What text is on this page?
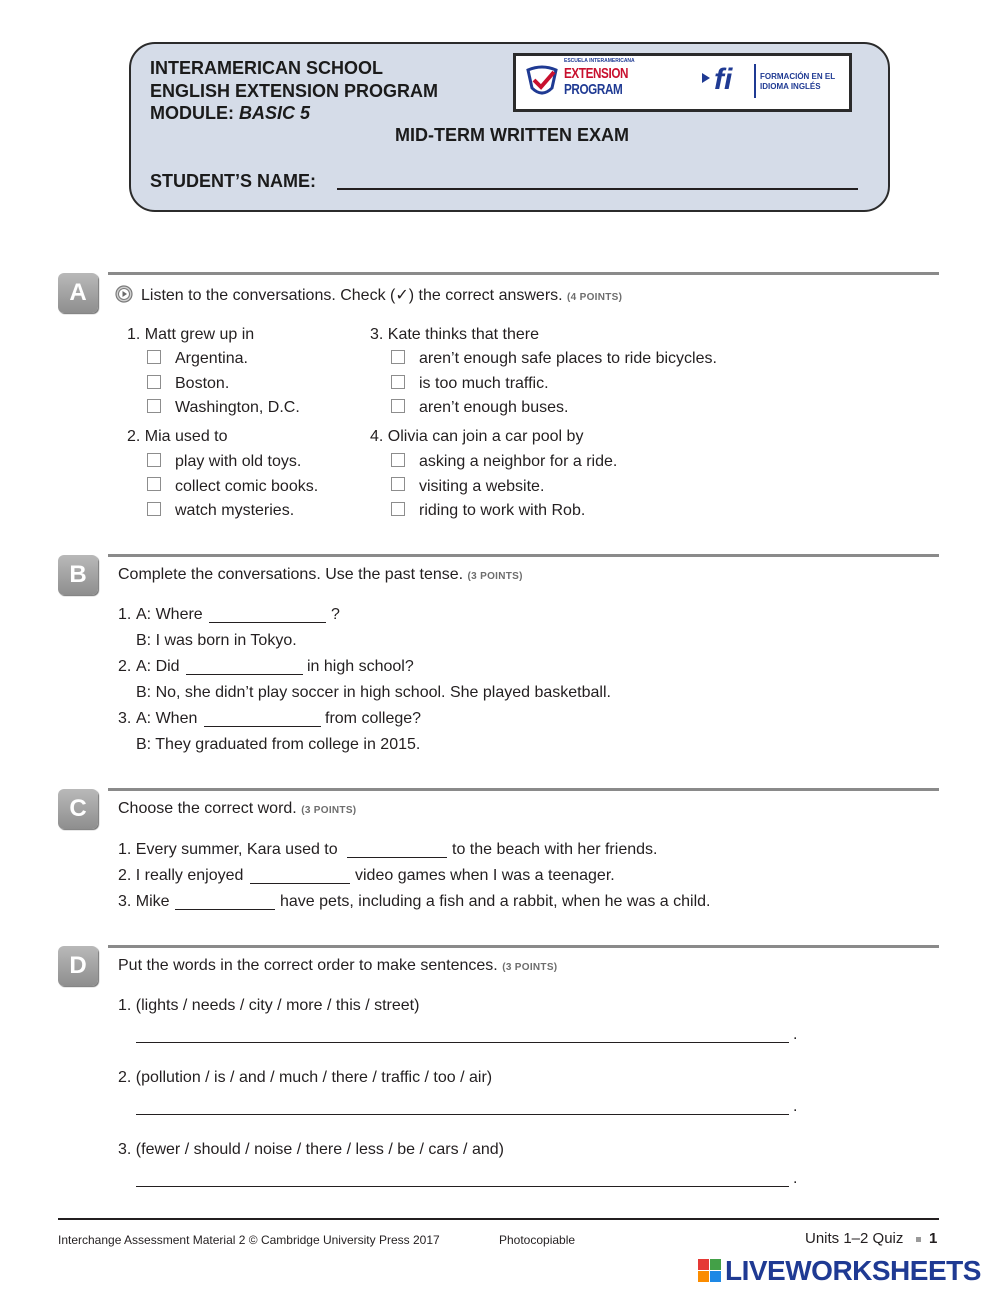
INTERAMERICAN SCHOOL
ENGLISH EXTENSION PROGRAM
MODULE: BASIC 5
MID-TERM WRITTEN EXAM
STUDENT’S NAME:
ESCUELA INTERAMERICANA
EXTENSION
PROGRAM	fi	FORMACIÓN EN EL
IDIOMA INGLÉS
A	Listen to the conversations. Check (✓) the correct answers. (4 POINTS)
1. Matt grew up in
Argentina.
Boston.
Washington, D.C.
3. Kate thinks that there
aren’t enough safe places to ride bicycles.
is too much traffic.
aren’t enough buses.
2. Mia used to
play with old toys.
collect comic books.
watch mysteries.
4. Olivia can join a car pool by
asking a neighbor for a ride.
visiting a website.
riding to work with Rob.
B	Complete the conversations. Use the past tense. (3 POINTS)
1. A: Where	?
B: I was born in Tokyo.
2. A: Did	in high school?
B: No, she didn’t play soccer in high school. She played basketball.
3. A: When	from college?
B: They graduated from college in 2015.
C	Choose the correct word. (3 POINTS)
1. Every summer, Kara used to	to the beach with her friends.
2. I really enjoyed	video games when I was a teenager.
3. Mike	have pets, including a fish and a rabbit, when he was a child.
D	Put the words in the correct order to make sentences. (3 POINTS)
1. (lights / needs / city / more / this / street)
.
2. (pollution / is / and / much / there / traffic / too / air)
.
3. (fewer / should / noise / there / less / be / cars / and)
.
Interchange Assessment Material 2 © Cambridge University Press 2017	Photocopiable	Units 1–2 Quiz 1
LIVEWORKSHEETS
